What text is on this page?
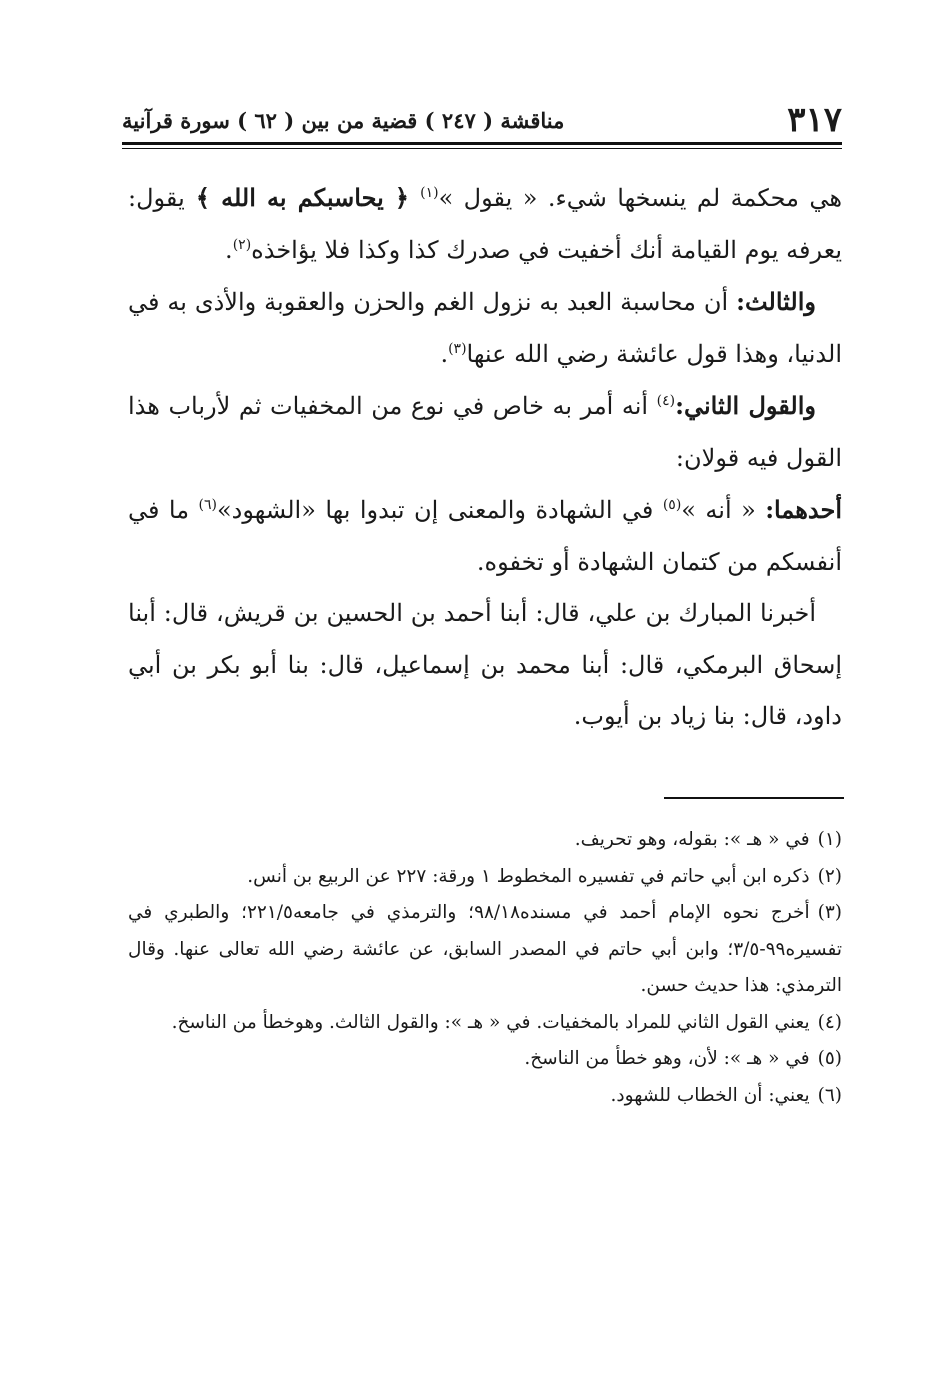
٣١٧
مناقشة ( ٢٤٧ ) قضية من بين ( ٦٢ ) سورة قرآنية

هي محكمة لم ينسخها شيء. « يقول »$^{(١)}$ ﴿ يحاسبكم به الله ﴾ يقول: يعرفه يوم القيامة أنك أخفيت في صدرك كذا وكذا فلا يؤاخذه$^{(٢)}$.

والثالث: أن محاسبة العبد به نزول الغم والحزن والعقوبة والأذى به في الدنيا، وهذا قول عائشة رضي الله عنها$^{(٣)}$.

والقول الثاني:$^{(٤)}$ أنه أمر به خاص في نوع من المخفيات ثم لأرباب هذا القول فيه قولان:

أحدهما: « أنه »$^{(٥)}$ في الشهادة والمعنى إن تبدوا بها «الشهود»$^{(٦)}$ ما في أنفسكم من كتمان الشهادة أو تخفوه.

أخبرنا المبارك بن علي، قال: أبنا أحمد بن الحسين بن قريش، قال: أبنا إسحاق البرمكي، قال: أبنا محمد بن إسماعيل، قال: بنا أبو بكر بن أبي داود، قال: بنا زياد بن أيوب.

(١)في « هـ »: بقوله، وهو تحريف.

(٢)ذكره ابن أبي حاتم في تفسيره المخطوط ١ ورقة: ٢٢٧ عن الربيع بن أنس.

(٣)أخرج نحوه الإمام أحمد في مسنده٩٨/١٨؛ والترمذي في جامعه٢٢١/٥؛ والطبري في تفسيره٩٩-٣/٥؛ وابن أبي حاتم في المصدر السابق، عن عائشة رضي الله تعالى عنها. وقال الترمذي: هذا حديث حسن.

(٤)يعني القول الثاني للمراد بالمخفيات. في « هـ »: والقول الثالث. وهوخطأ من الناسخ.

(٥)في « هـ »: لأن، وهو خطأ من الناسخ.

(٦)يعني: أن الخطاب للشهود.
